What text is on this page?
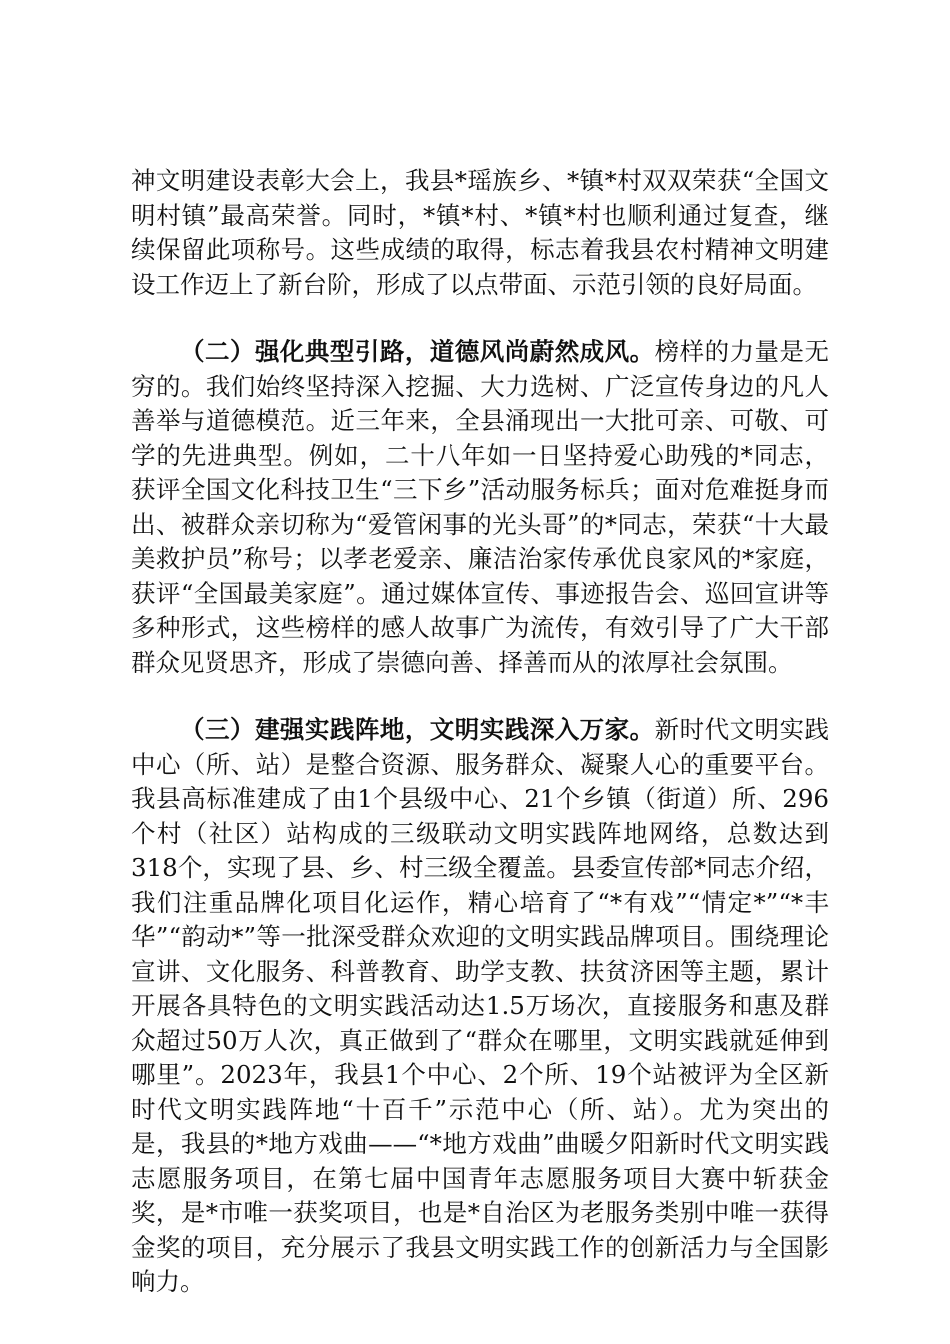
神文明建设表彰大会上，我县*瑶族乡、*镇*村双双荣获“全国文明村镇”最高荣誉。同时，*镇*村、*镇*村也顺利通过复查，继续保留此项称号。这些成绩的取得，标志着我县农村精神文明建设工作迈上了新台阶，形成了以点带面、示范引领的良好局面。

（二）强化典型引路，道德风尚蔚然成风。榜样的力量是无穷的。我们始终坚持深入挖掘、大力选树、广泛宣传身边的凡人善举与道德模范。近三年来，全县涌现出一大批可亲、可敬、可学的先进典型。例如，二十八年如一日坚持爱心助残的*同志，获评全国文化科技卫生“三下乡”活动服务标兵；面对危难挺身而出、被群众亲切称为“爱管闲事的光头哥”的*同志，荣获“十大最美救护员”称号；以孝老爱亲、廉洁治家传承优良家风的*家庭，获评“全国最美家庭”。通过媒体宣传、事迹报告会、巡回宣讲等多种形式，这些榜样的感人故事广为流传，有效引导了广大干部群众见贤思齐，形成了崇德向善、择善而从的浓厚社会氛围。

（三）建强实践阵地，文明实践深入万家。新时代文明实践中心（所、站）是整合资源、服务群众、凝聚人心的重要平台。我县高标准建成了由1个县级中心、21个乡镇（街道）所、296个村（社区）站构成的三级联动文明实践阵地网络，总数达到318个，实现了县、乡、村三级全覆盖。县委宣传部*同志介绍，我们注重品牌化项目化运作，精心培育了“*有戏”“情定*”“*丰华”“韵动*”等一批深受群众欢迎的文明实践品牌项目。围绕理论宣讲、文化服务、科普教育、助学支教、扶贫济困等主题，累计开展各具特色的文明实践活动达1.5万场次，直接服务和惠及群众超过50万人次，真正做到了“群众在哪里，文明实践就延伸到哪里”。2023年，我县1个中心、2个所、19个站被评为全区新时代文明实践阵地“十百千”示范中心（所、站）。尤为突出的是，我县的*地方戏曲——“*地方戏曲”曲暖夕阳新时代文明实践志愿服务项目，在第七届中国青年志愿服务项目大赛中斩获金奖，是*市唯一获奖项目，也是*自治区为老服务类别中唯一获得金奖的项目，充分展示了我县文明实践工作的创新活力与全国影响力。
